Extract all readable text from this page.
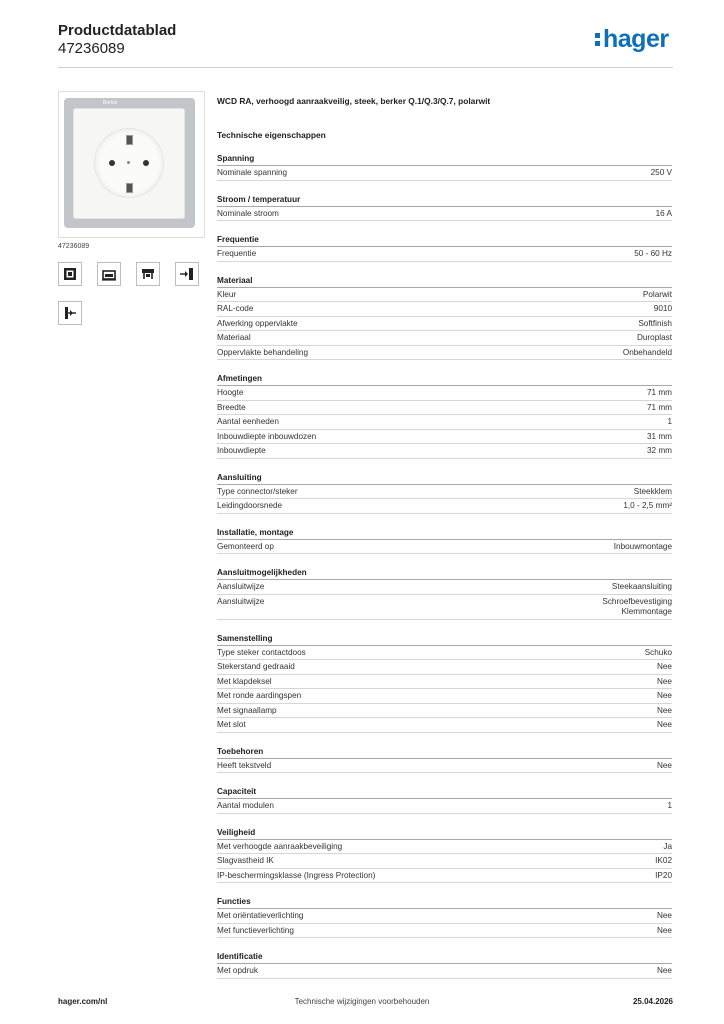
Productdatablad
47236089	hager
Berker
47236089
WCD RA, verhoogd aanraakveilig, steek, berker Q.1/Q.3/Q.7, polarwit
Technische eigenschappen
Spanning
Nominale spanning	250 V
Stroom / temperatuur
Nominale stroom	16 A
Frequentie
Frequentie	50 - 60 Hz
Materiaal
Kleur	Polarwit
RAL-code	9010
Afwerking oppervlakte	Softfinish
Materiaal	Duroplast
Oppervlakte behandeling	Onbehandeld
Afmetingen
Hoogte	71 mm
Breedte	71 mm
Aantal eenheden	1
Inbouwdiepte inbouwdozen	31 mm
Inbouwdiepte	32 mm
Aansluiting
Type connector/steker	Steekklem
Leidingdoorsnede	1,0 - 2,5 mm²
Installatie, montage
Gemonteerd op	Inbouwmontage
Aansluitmogelijkheden
Aansluitwijze	Steekaansluiting
Aansluitwijze	Schroefbevestiging
Klemmontage
Samenstelling
Type steker contactdoos	Schuko
Stekerstand gedraaid	Nee
Met klapdeksel	Nee
Met ronde aardingspen	Nee
Met signaallamp	Nee
Met slot	Nee
Toebehoren
Heeft tekstveld	Nee
Capaciteit
Aantal modulen	1
Veiligheid
Met verhoogde aanraakbeveiliging	Ja
Slagvastheid IK	IK02
IP-beschermingsklasse (Ingress Protection)	IP20
Functies
Met oriëntatieverlichting	Nee
Met functieverlichting	Nee
Identificatie
Met opdruk	Nee
hager.com/nl	Technische wijzigingen voorbehouden	25.04.2026
